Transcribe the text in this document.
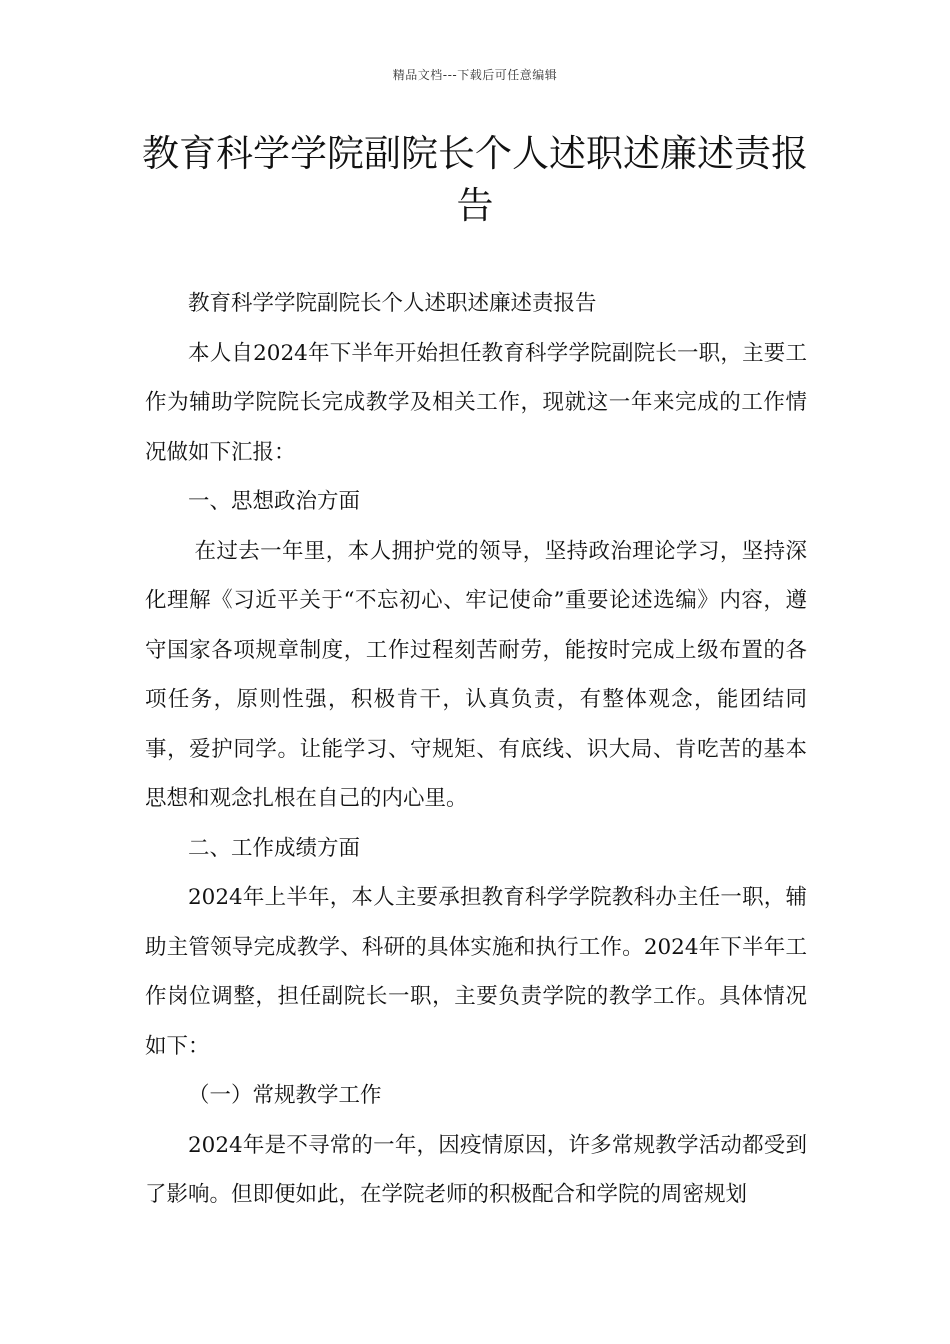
精品文档---下载后可任意编辑
教育科学学院副院长个人述职述廉述责报告

教育科学学院副院长个人述职述廉述责报告

本人自2024年下半年开始担任教育科学学院副院长一职，主要工作为辅助学院院长完成教学及相关工作，现就这一年来完成的工作情况做如下汇报：

一、思想政治方面

在过去一年里，本人拥护党的领导，坚持政治理论学习，坚持深化理解《习近平关于“不忘初心、牢记使命”重要论述选编》内容，遵守国家各项规章制度，工作过程刻苦耐劳，能按时完成上级布置的各项任务，原则性强，积极肯干，认真负责，有整体观念，能团结同事，爱护同学。让能学习、守规矩、有底线、识大局、肯吃苦的基本思想和观念扎根在自己的内心里。

二、工作成绩方面

2024年上半年，本人主要承担教育科学学院教科办主任一职，辅助主管领导完成教学、科研的具体实施和执行工作。2024年下半年工作岗位调整，担任副院长一职，主要负责学院的教学工作。具体情况如下：

（一）常规教学工作

2024年是不寻常的一年，因疫情原因，许多常规教学活动都受到了影响。但即便如此，在学院老师的积极配合和学院的周密规划
